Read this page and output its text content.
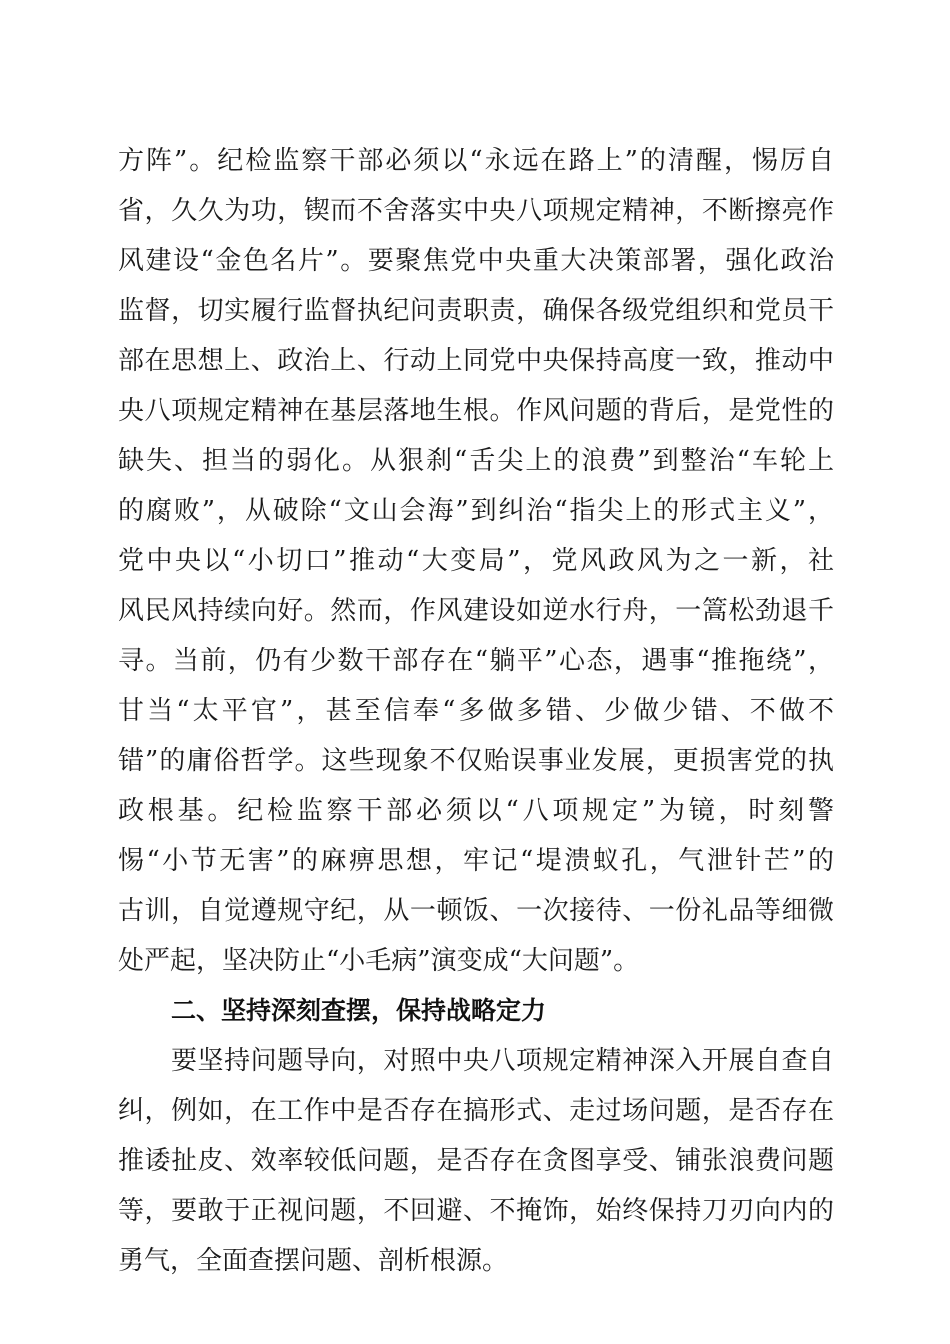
方阵”。纪检监察干部必须以“永远在路上”的清醒，惕厉自
省，久久为功，锲而不舍落实中央八项规定精神，不断擦亮作
风建设“金色名片”。要聚焦党中央重大决策部署，强化政治
监督，切实履行监督执纪问责职责，确保各级党组织和党员干
部在思想上、政治上、行动上同党中央保持高度一致，推动中
央八项规定精神在基层落地生根。作风问题的背后，是党性的
缺失、担当的弱化。从狠刹“舌尖上的浪费”到整治“车轮上
的腐败”，从破除“文山会海”到纠治“指尖上的形式主义”，
党中央以“小切口”推动“大变局”，党风政风为之一新，社
风民风持续向好。然而，作风建设如逆水行舟，一篙松劲退千
寻。当前，仍有少数干部存在“躺平”心态，遇事“推拖绕”，
甘当“太平官”，甚至信奉“多做多错、少做少错、不做不
错”的庸俗哲学。这些现象不仅贻误事业发展，更损害党的执
政根基。纪检监察干部必须以“八项规定”为镜，时刻警
惕“小节无害”的麻痹思想，牢记“堤溃蚁孔，气泄针芒”的
古训，自觉遵规守纪，从一顿饭、一次接待、一份礼品等细微
处严起，坚决防止“小毛病”演变成“大问题”。
二、坚持深刻查摆，保持战略定力
要坚持问题导向，对照中央八项规定精神深入开展自查自
纠，例如，在工作中是否存在搞形式、走过场问题，是否存在
推诿扯皮、效率较低问题，是否存在贪图享受、铺张浪费问题
等，要敢于正视问题，不回避、不掩饰，始终保持刀刃向内的
勇气，全面查摆问题、剖析根源。
